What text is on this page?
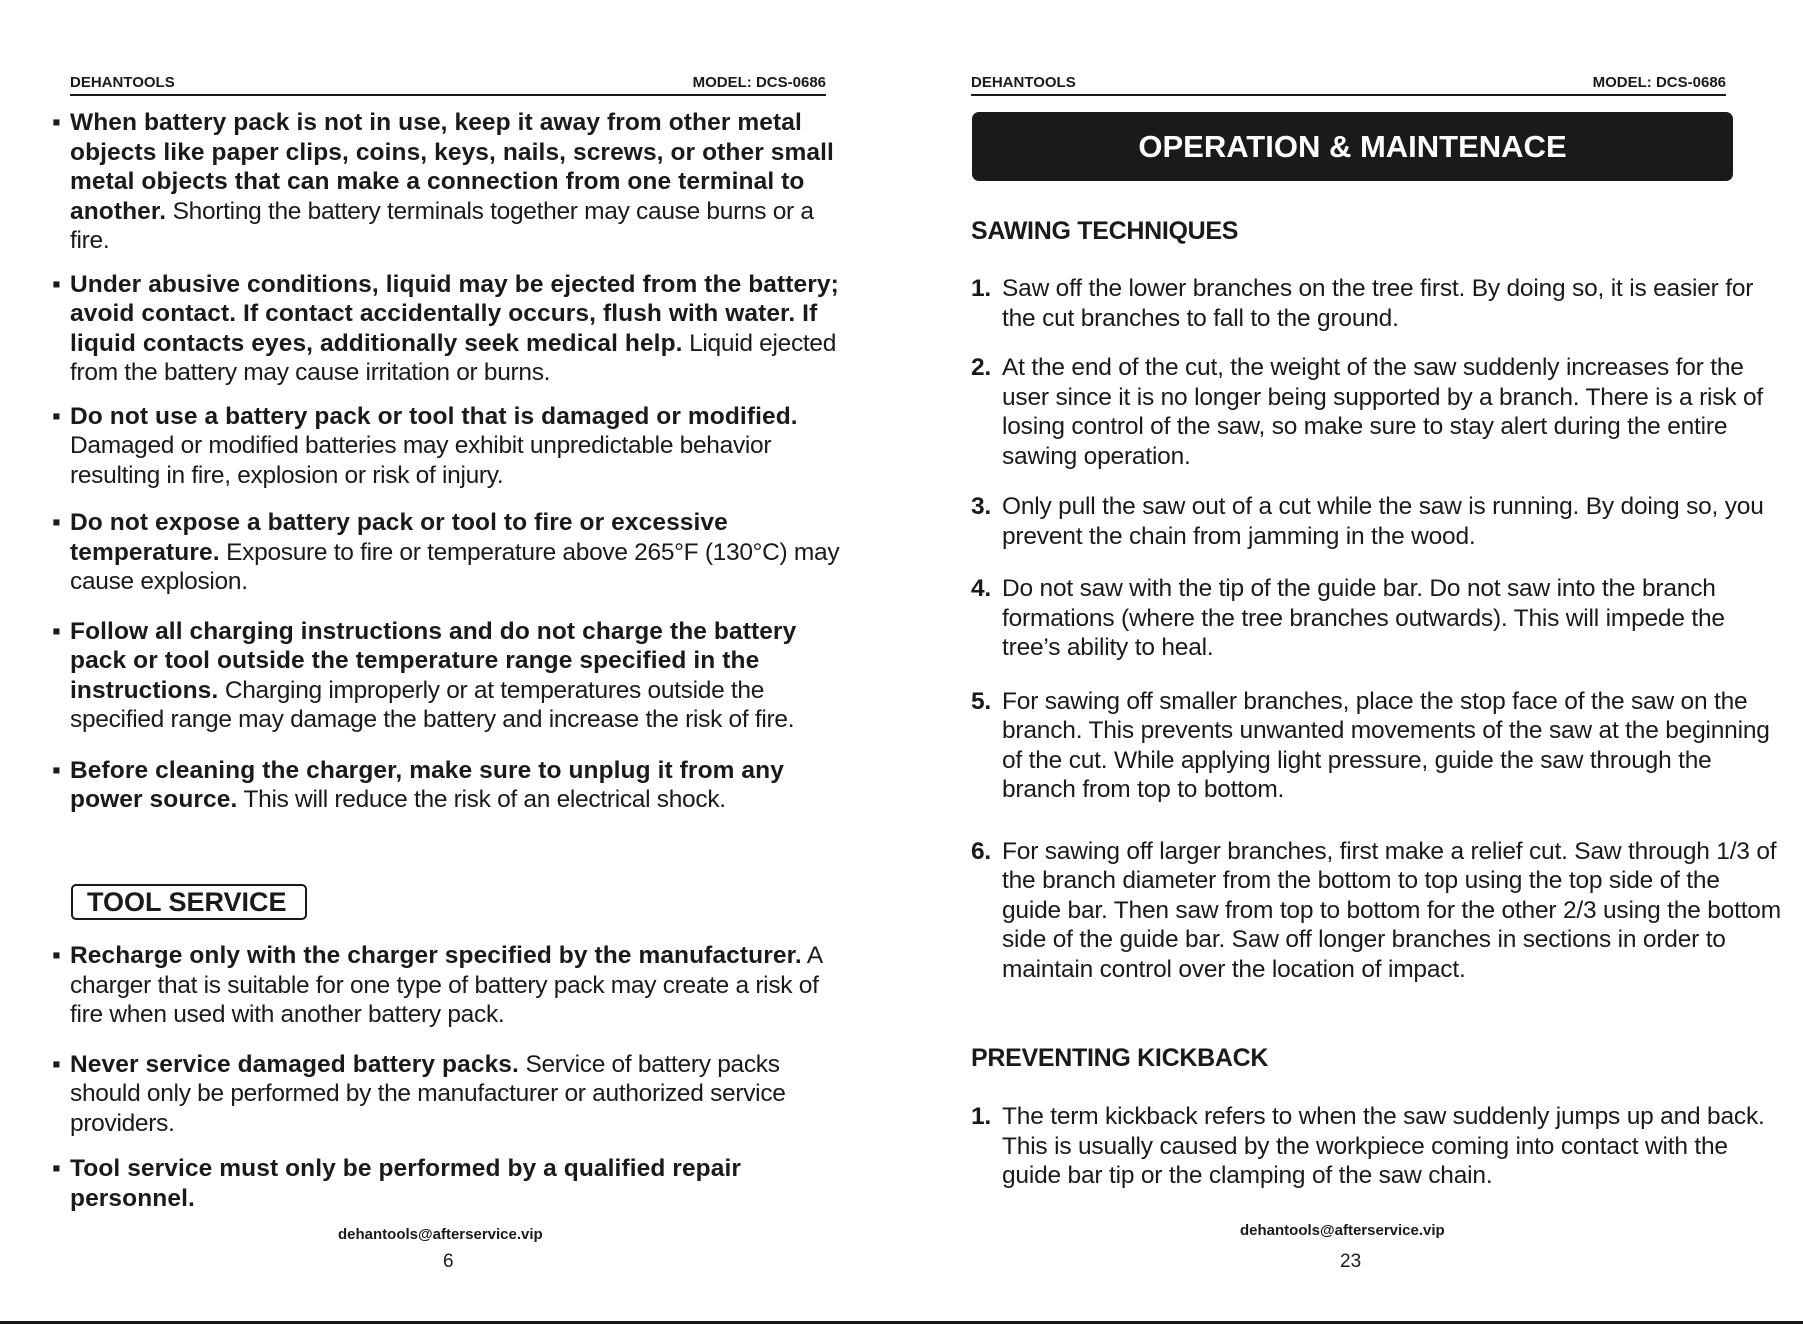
DEHANTOOLS	MODEL: DCS-0686
▪ When battery pack is not in use, keep it away from other metal objects like paper clips, coins, keys, nails, screws, or other small metal objects that can make a connection from one terminal to another. Shorting the battery terminals together may cause burns or a fire.
▪ Under abusive conditions, liquid may be ejected from the battery; avoid contact. If contact accidentally occurs, flush with water. If liquid contacts eyes, additionally seek medical help. Liquid ejected from the battery may cause irritation or burns.
▪ Do not use a battery pack or tool that is damaged or modified. Damaged or modified batteries may exhibit unpredictable behavior resulting in fire, explosion or risk of injury.
▪ Do not expose a battery pack or tool to fire or excessive temperature. Exposure to fire or temperature above 265°F (130°C) may cause explosion.
▪ Follow all charging instructions and do not charge the battery pack or tool outside the temperature range specified in the instructions. Charging improperly or at temperatures outside the specified range may damage the battery and increase the risk of fire.
▪ Before cleaning the charger, make sure to unplug it from any power source. This will reduce the risk of an electrical shock.
TOOL SERVICE
▪ Recharge only with the charger specified by the manufacturer. A charger that is suitable for one type of battery pack may create a risk of fire when used with another battery pack.
▪ Never service damaged battery packs. Service of battery packs should only be performed by the manufacturer or authorized service providers.
▪ Tool service must only be performed by a qualified repair personnel.
dehantools@afterservice.vip
6
DEHANTOOLS	MODEL: DCS-0686
OPERATION & MAINTENACE
SAWING TECHNIQUES
1. Saw off the lower branches on the tree first. By doing so, it is easier for the cut branches to fall to the ground.
2. At the end of the cut, the weight of the saw suddenly increases for the user since it is no longer being supported by a branch. There is a risk of losing control of the saw, so make sure to stay alert during the entire sawing operation.
3. Only pull the saw out of a cut while the saw is running. By doing so, you prevent the chain from jamming in the wood.
4. Do not saw with the tip of the guide bar. Do not saw into the branch formations (where the tree branches outwards). This will impede the tree’s ability to heal.
5. For sawing off smaller branches, place the stop face of the saw on the branch. This prevents unwanted movements of the saw at the beginning of the cut. While applying light pressure, guide the saw through the branch from top to bottom.
6. For sawing off larger branches, first make a relief cut. Saw through 1/3 of the branch diameter from the bottom to top using the top side of the guide bar. Then saw from top to bottom for the other 2/3 using the bottom side of the guide bar. Saw off longer branches in sections in order to maintain control over the location of impact.
PREVENTING KICKBACK
1. The term kickback refers to when the saw suddenly jumps up and back. This is usually caused by the workpiece coming into contact with the guide bar tip or the clamping of the saw chain.
dehantools@afterservice.vip
23
